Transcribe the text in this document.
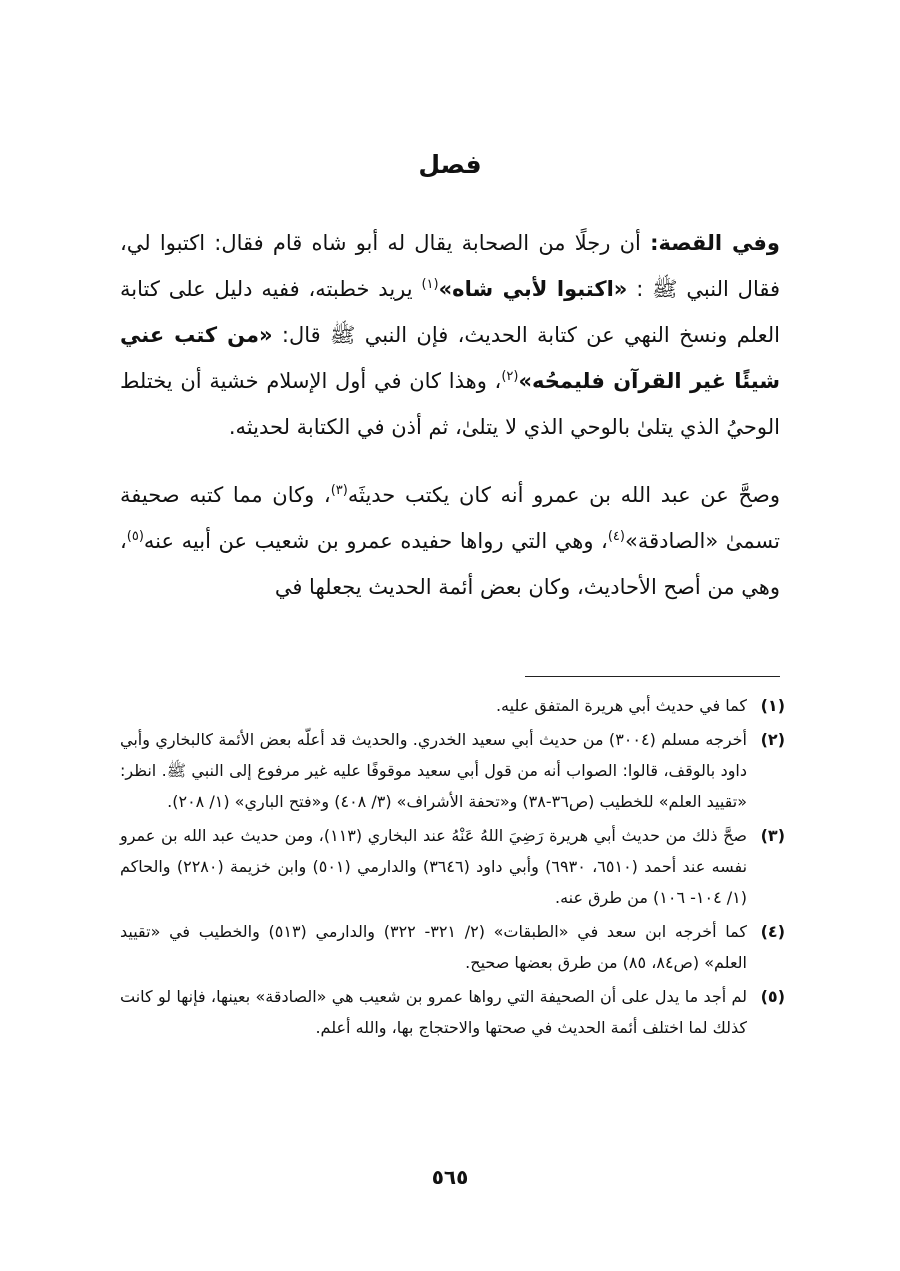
فصل

وفي القصة: أن رجلًا من الصحابة يقال له أبو شاه قام فقال: اكتبوا لي، فقال النبي ﷺ : «اكتبوا لأبي شاه»$^{(١)}$ يريد خطبته، ففيه دليل على كتابة العلم ونسخ النهي عن كتابة الحديث، فإن النبي ﷺ قال: «من كتب عني شيئًا غير القرآن فليمحُه»$^{(٢)}$، وهذا كان في أول الإسلام خشية أن يختلط الوحيُ الذي يتلىٰ بالوحي الذي لا يتلىٰ، ثم أذن في الكتابة لحديثه.

وصحَّ عن عبد الله بن عمرو أنه كان يكتب حديثَه$^{(٣)}$، وكان مما كتبه صحيفة تسمىٰ «الصادقة»$^{(٤)}$، وهي التي رواها حفيده عمرو بن شعيب عن أبيه عنه$^{(٥)}$، وهي من أصح الأحاديث، وكان بعض أئمة الحديث يجعلها في

(١)
كما في حديث أبي هريرة المتفق عليه.
(٢)
أخرجه مسلم (٣٠٠٤) من حديث أبي سعيد الخدري. والحديث قد أعلّه بعض الأئمة كالبخاري وأبي داود بالوقف، قالوا: الصواب أنه من قول أبي سعيد موقوفًا عليه غير مرفوع إلى النبي ﷺ. انظر: «تقييد العلم» للخطيب (ص٣٦-٣٨) و«تحفة الأشراف» (٣/ ٤٠٨) و«فتح الباري» (١/ ٢٠٨).
(٣)
صحَّ ذلك من حديث أبي هريرة رَضِيَ اللهُ عَنْهُ عند البخاري (١١٣)، ومن حديث عبد الله بن عمرو نفسه عند أحمد (٦٥١٠، ٦٩٣٠) وأبي داود (٣٦٤٦) والدارمي (٥٠١) وابن خزيمة (٢٢٨٠) والحاكم (١/ ١٠٤- ١٠٦) من طرق عنه.
(٤)
كما أخرجه ابن سعد في «الطبقات» (٢/ ٣٢١- ٣٢٢) والدارمي (٥١٣) والخطيب في «تقييد العلم» (ص٨٤، ٨٥) من طرق بعضها صحيح.
(٥)
لم أجد ما يدل على أن الصحيفة التي رواها عمرو بن شعيب هي «الصادقة» بعينها، فإنها لو كانت كذلك لما اختلف أئمة الحديث في صحتها والاحتجاج بها، والله أعلم.
٥٦٥
